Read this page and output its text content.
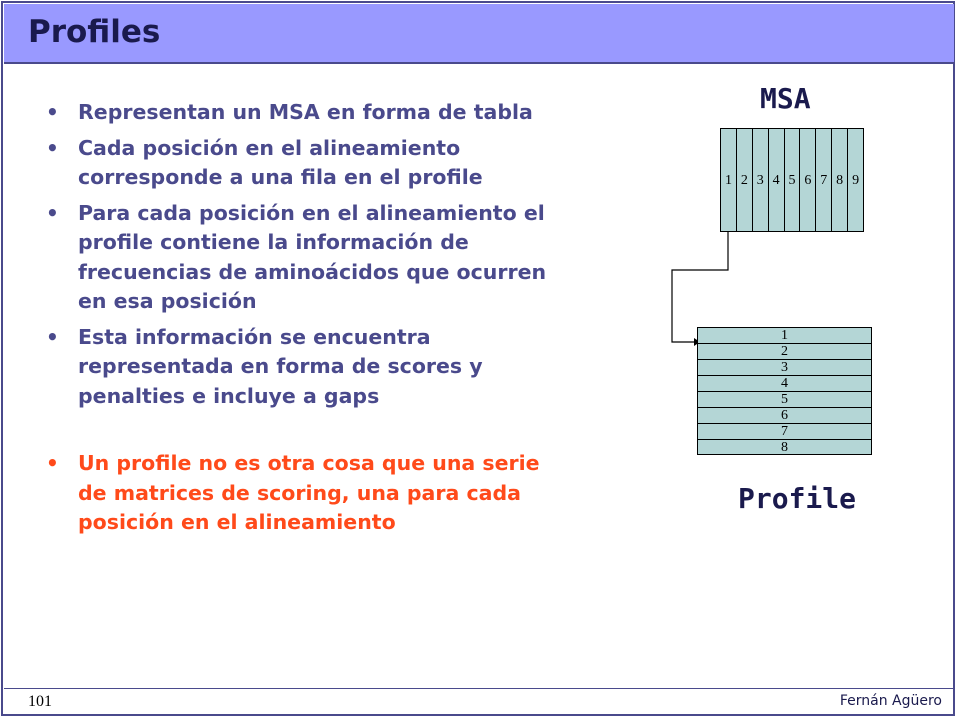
Profiles
• Representan un MSA en forma de tabla
• Cada posición en el alineamiento corresponde a una fila en el profile
• Para cada posición en el alineamiento el profile contiene la información de frecuencias de aminoácidos que ocurren en esa posición
• Esta información se encuentra representada en forma de scores y penalties e incluye a gaps
• Un profile no es otra cosa que una serie de matrices de scoring, una para cada posición en el alineamiento
MSA
1 2 3 4 5 6 7 8 9
1
2
3
4
5
6
7
8
Profile
101	Fernán Agüero
